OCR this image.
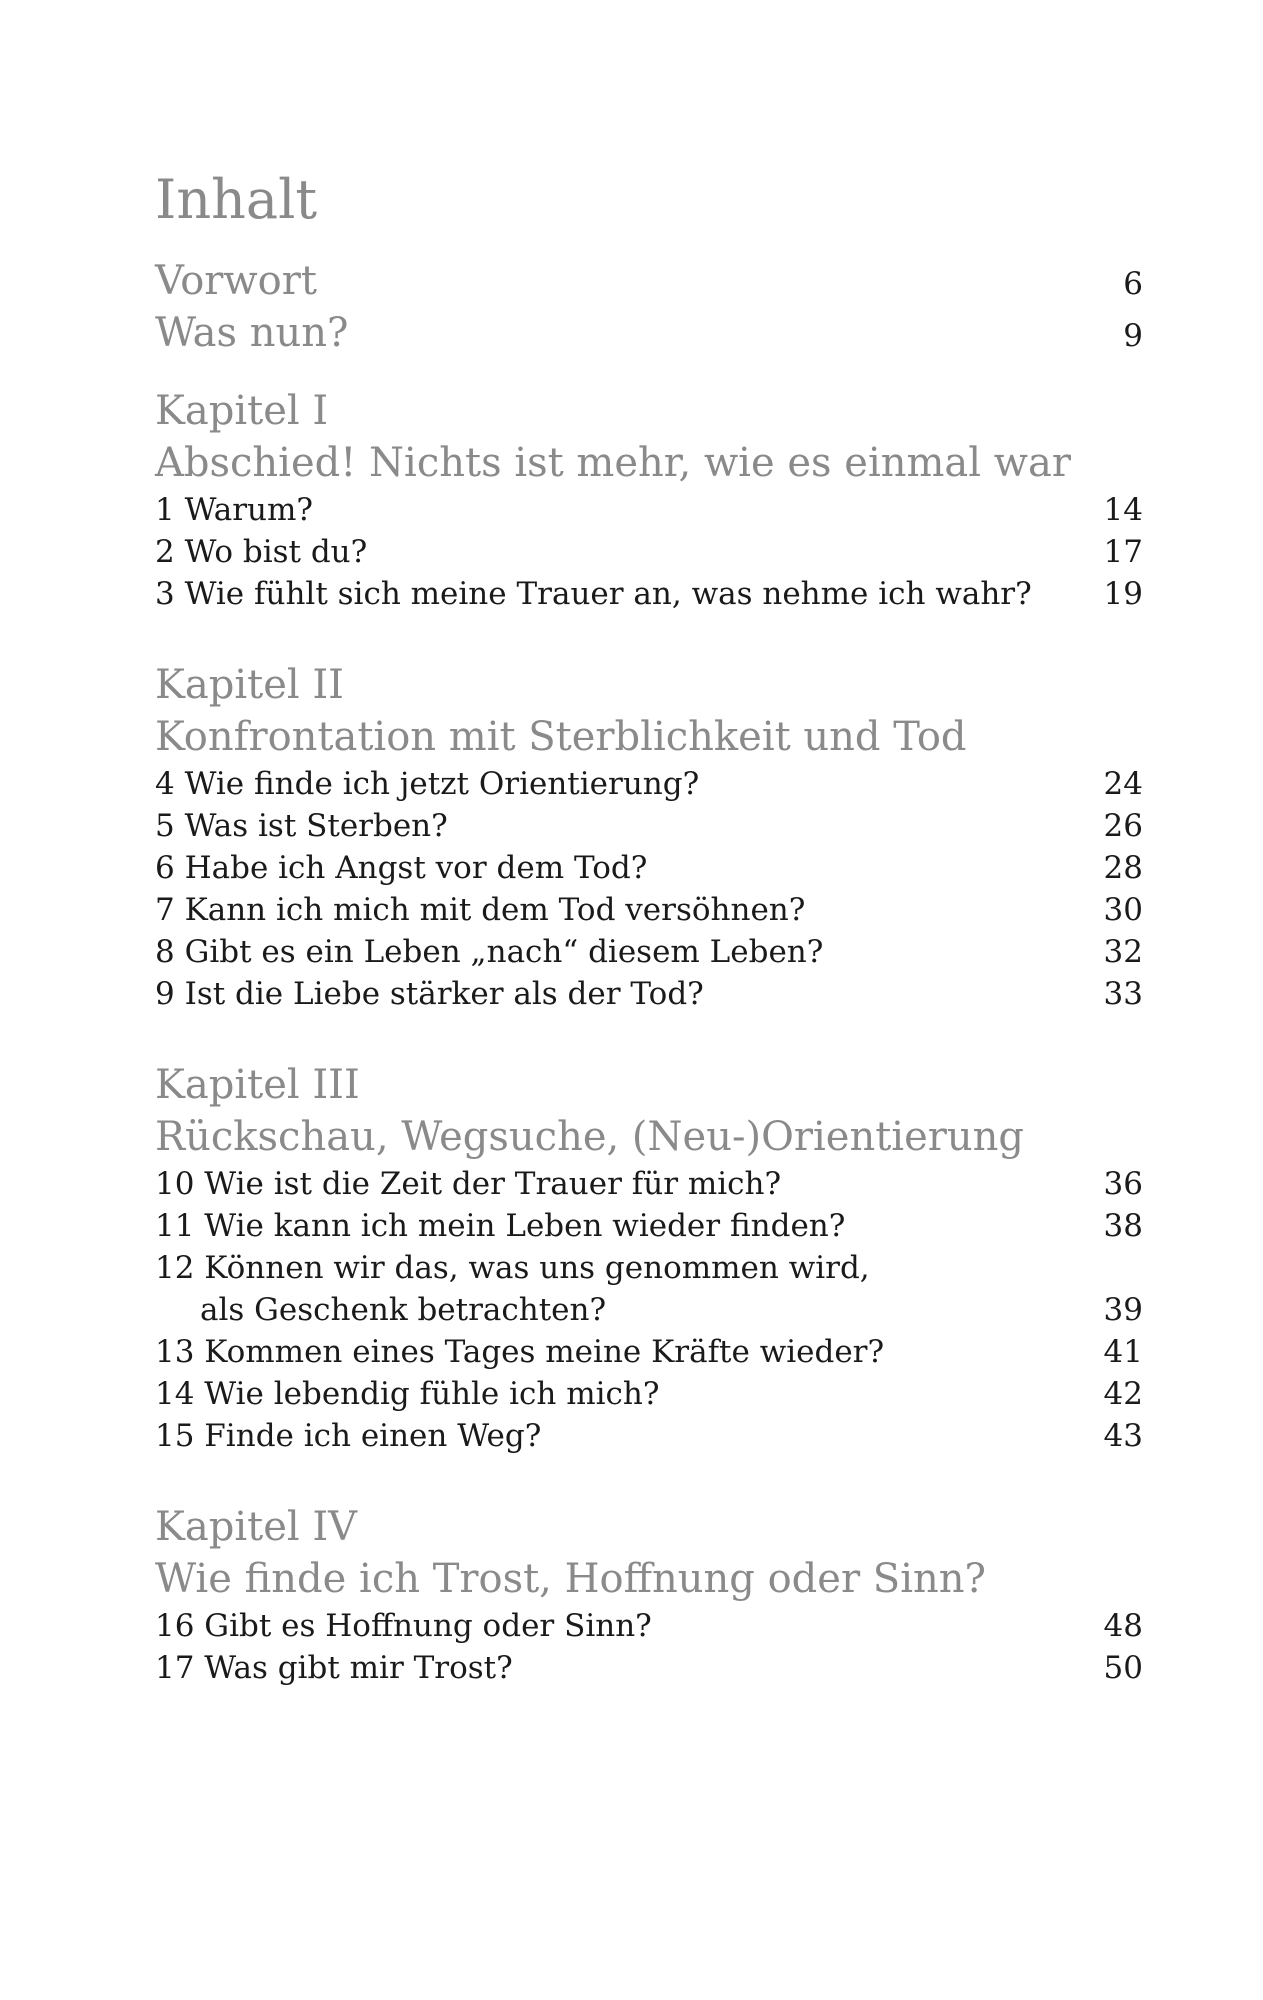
Inhalt
Vorwort	6
Was nun?	9
Kapitel I
Abschied! Nichts ist mehr, wie es einmal war
1 Warum?	14
2 Wo bist du?	17
3 Wie fühlt sich meine Trauer an, was nehme ich wahr?	19
Kapitel II
Konfrontation mit Sterblichkeit und Tod
4 Wie finde ich jetzt Orientierung?	24
5 Was ist Sterben?	26
6 Habe ich Angst vor dem Tod?	28
7 Kann ich mich mit dem Tod versöhnen?	30
8 Gibt es ein Leben „nach“ diesem Leben?	32
9 Ist die Liebe stärker als der Tod?	33
Kapitel III
Rückschau, Wegsuche, (Neu-)Orientierung
10 Wie ist die Zeit der Trauer für mich?	36
11 Wie kann ich mein Leben wieder finden?	38
12 Können wir das, was uns genommen wird,
als Geschenk betrachten?	39
13 Kommen eines Tages meine Kräfte wieder?	41
14 Wie lebendig fühle ich mich?	42
15 Finde ich einen Weg?	43
Kapitel IV
Wie finde ich Trost, Hoffnung oder Sinn?
16 Gibt es Hoffnung oder Sinn?	48
17 Was gibt mir Trost?	50
